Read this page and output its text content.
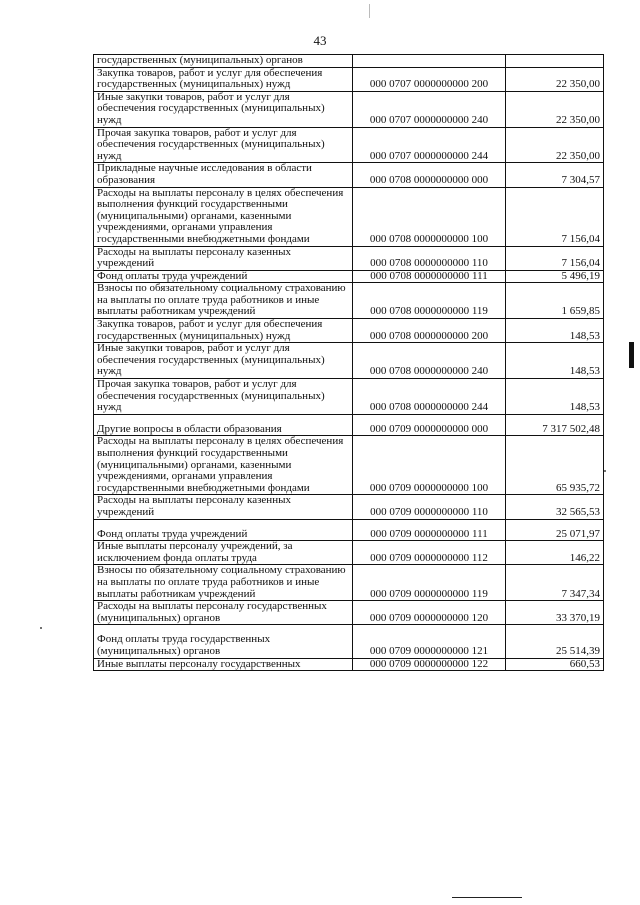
43
государственных (муниципальных) органов		
Закупка товаров, работ и услуг для обеспечения государственных (муниципальных) нужд	000 0707 0000000000 200	22 350,00
Иные закупки товаров, работ и услуг для обеспечения государственных (муниципальных) нужд	000 0707 0000000000 240	22 350,00
Прочая закупка товаров, работ и услуг для обеспечения государственных (муниципальных) нужд	000 0707 0000000000 244	22 350,00
Прикладные научные исследования в области образования	000 0708 0000000000 000	7 304,57
Расходы на выплаты персоналу в целях обеспечения выполнения функций государственными (муниципальными) органами, казенными учреждениями, органами управления государственными внебюджетными фондами	000 0708 0000000000 100	7 156,04
Расходы на выплаты персоналу казенных учреждений	000 0708 0000000000 110	7 156,04
Фонд оплаты труда учреждений	000 0708 0000000000 111	5 496,19
Взносы по обязательному социальному страхованию на выплаты по оплате труда работников и иные выплаты работникам учреждений	000 0708 0000000000 119	1 659,85
Закупка товаров, работ и услуг для обеспечения государственных (муниципальных) нужд	000 0708 0000000000 200	148,53
Иные закупки товаров, работ и услуг для обеспечения государственных (муниципальных) нужд	000 0708 0000000000 240	148,53
Прочая закупка товаров, работ и услуг для обеспечения государственных (муниципальных) нужд	000 0708 0000000000 244	148,53
Другие вопросы в области образования	000 0709 0000000000 000	7 317 502,48
Расходы на выплаты персоналу в целях обеспечения выполнения функций государственными (муниципальными) органами, казенными учреждениями, органами управления государственными внебюджетными фондами	000 0709 0000000000 100	65 935,72
Расходы на выплаты персоналу казенных учреждений	000 0709 0000000000 110	32 565,53
Фонд оплаты труда учреждений	000 0709 0000000000 111	25 071,97
Иные выплаты персоналу учреждений, за исключением фонда оплаты труда	000 0709 0000000000 112	146,22
Взносы по обязательному социальному страхованию на выплаты по оплате труда работников и иные выплаты работникам учреждений	000 0709 0000000000 119	7 347,34
Расходы на выплаты персоналу государственных (муниципальных) органов	000 0709 0000000000 120	33 370,19
Фонд оплаты труда государственных (муниципальных) органов	000 0709 0000000000 121	25 514,39
Иные выплаты персоналу государственных	000 0709 0000000000 122	660,53
